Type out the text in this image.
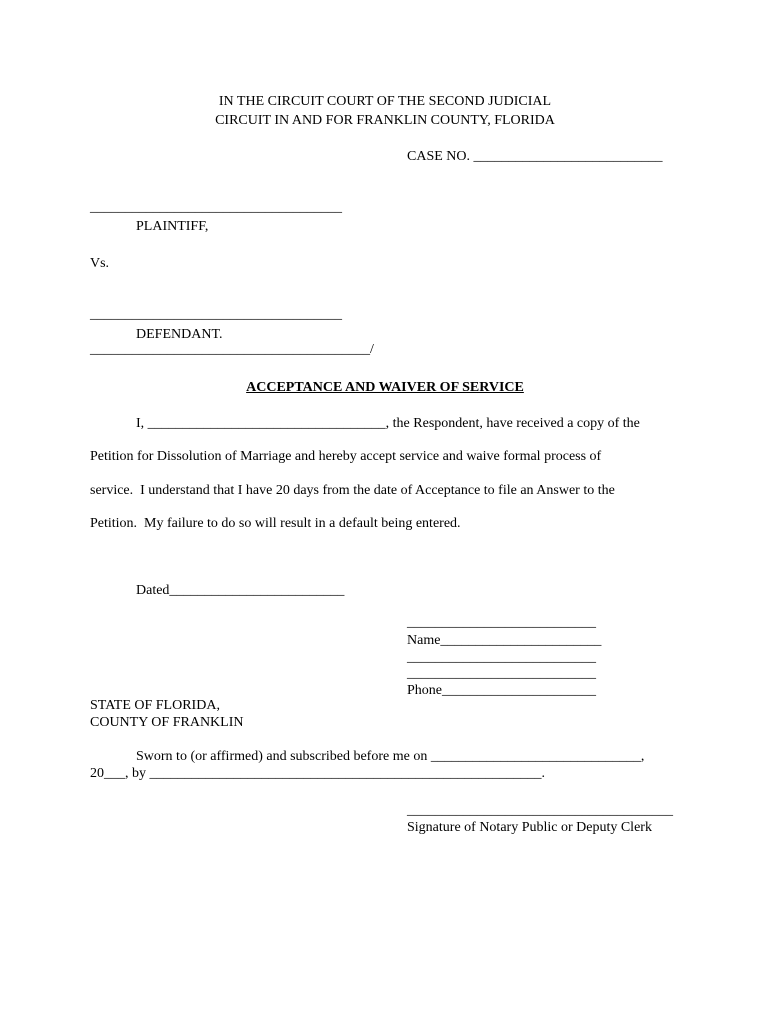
IN THE CIRCUIT COURT OF THE SECOND JUDICIAL
CIRCUIT IN AND FOR FRANKLIN COUNTY, FLORIDA
CASE NO. ___________________________
____________________________________
PLAINTIFF,
Vs.
____________________________________
DEFENDANT.
________________________________________/
ACCEPTANCE AND WAIVER OF SERVICE
I, __________________________________, the Respondent, have received a copy of the
Petition for Dissolution of Marriage and hereby accept service and waive formal process of
service.  I understand that I have 20 days from the date of Acceptance to file an Answer to the
Petition.  My failure to do so will result in a default being entered.
Dated_________________________
___________________________
Name_______________________
___________________________
___________________________
Phone______________________
STATE OF FLORIDA,
COUNTY OF FRANKLIN
Sworn to (or affirmed) and subscribed before me on ______________________________,
20___, by ________________________________________________________.
______________________________________
Signature of Notary Public or Deputy Clerk
